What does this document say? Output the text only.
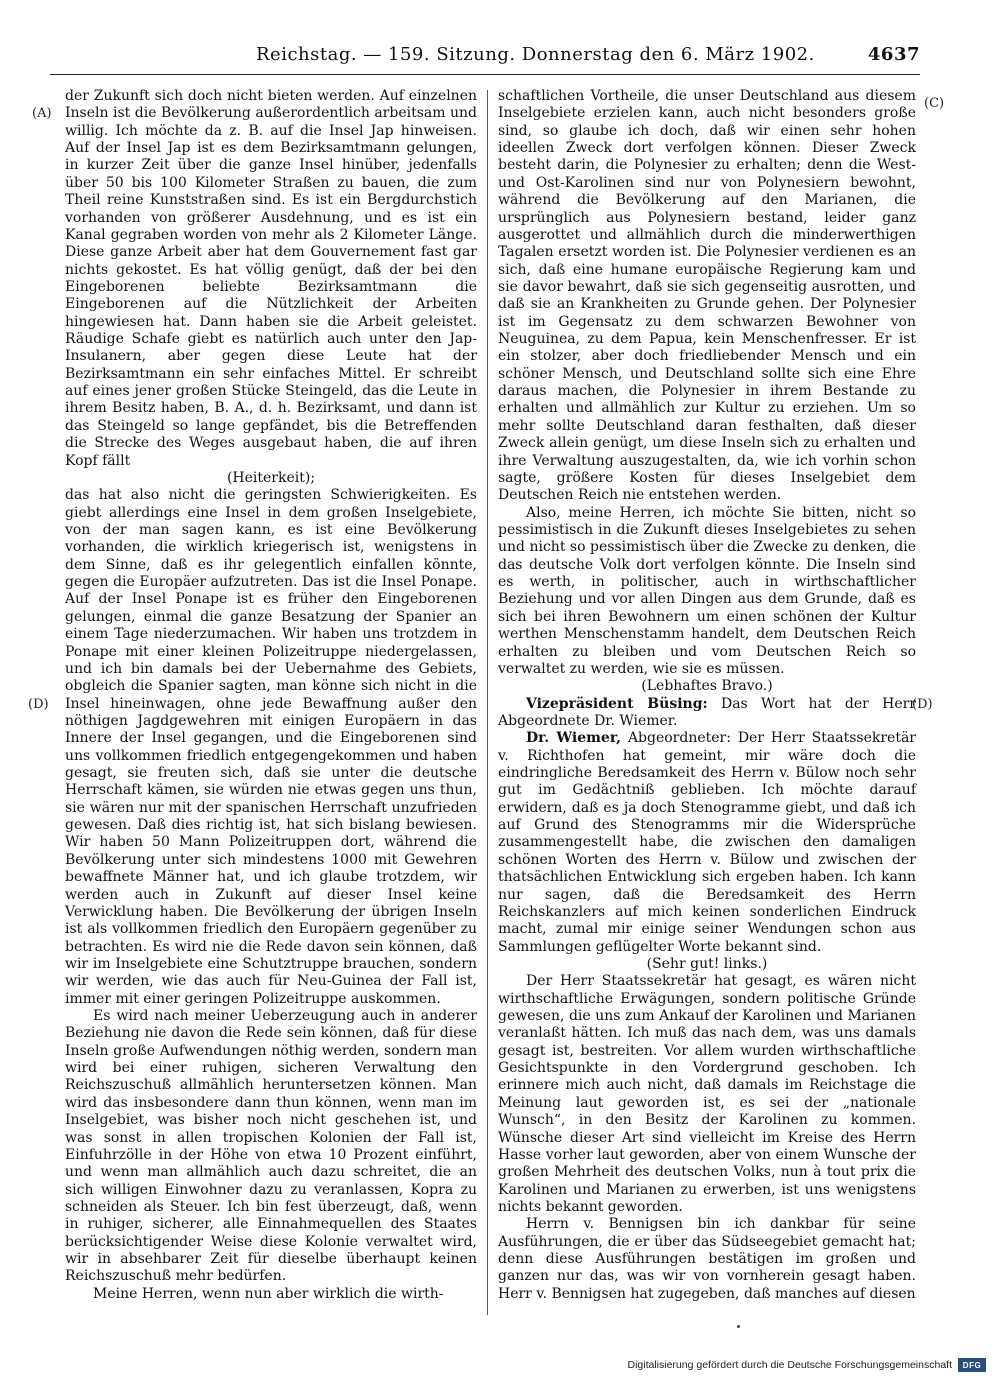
Reichstag. — 159. Sitzung. Donnerstag den 6. März 1902.	4637
(A)
(C)
(D)	(D)

der Zukunft sich doch nicht bieten werden. Auf einzelnen Inseln ist die Bevölkerung außerordentlich arbeitsam und willig. Ich möchte da z. B. auf die Insel Jap hinweisen. Auf der Insel Jap ist es dem Bezirksamtmann gelungen, in kurzer Zeit über die ganze Insel hinüber, jedenfalls über 50 bis 100 Kilometer Straßen zu bauen, die zum Theil reine Kunststraßen sind. Es ist ein Bergdurchstich vorhanden von größerer Ausdehnung, und es ist ein Kanal gegraben worden von mehr als 2 Kilometer Länge. Diese ganze Arbeit aber hat dem Gouvernement fast gar nichts gekostet. Es hat völlig genügt, daß der bei den Eingeborenen beliebte Bezirksamtmann die Eingeborenen auf die Nützlichkeit der Arbeiten hingewiesen hat. Dann haben sie die Arbeit geleistet. Räudige Schafe giebt es natürlich auch unter den Jap-Insulanern, aber gegen diese Leute hat der Bezirksamtmann ein sehr einfaches Mittel. Er schreibt auf eines jener großen Stücke Steingeld, das die Leute in ihrem Besitz haben, B. A., d. h. Bezirksamt, und dann ist das Steingeld so lange gepfändet, bis die Betreffenden die Strecke des Weges ausgebaut haben, die auf ihren Kopf fällt

(Heiterkeit);

das hat also nicht die geringsten Schwierigkeiten. Es giebt allerdings eine Insel in dem großen Inselgebiete, von der man sagen kann, es ist eine Bevölkerung vorhanden, die wirklich kriegerisch ist, wenigstens in dem Sinne, daß es ihr gelegentlich einfallen könnte, gegen die Europäer aufzutreten. Das ist die Insel Ponape. Auf der Insel Ponape ist es früher den Eingeborenen gelungen, einmal die ganze Besatzung der Spanier an einem Tage niederzumachen. Wir haben uns trotzdem in Ponape mit einer kleinen Polizeitruppe niedergelassen, und ich bin damals bei der Uebernahme des Gebiets, obgleich die Spanier sagten, man könne sich nicht in die Insel hineinwagen, ohne jede Bewaffnung außer den nöthigen Jagdgewehren mit einigen Europäern in das Innere der Insel gegangen, und die Eingeborenen sind uns vollkommen friedlich entgegengekommen und haben gesagt, sie freuten sich, daß sie unter die deutsche Herrschaft kämen, sie würden nie etwas gegen uns thun, sie wären nur mit der spanischen Herrschaft unzufrieden gewesen. Daß dies richtig ist, hat sich bislang bewiesen. Wir haben 50 Mann Polizeitruppen dort, während die Bevölkerung unter sich mindestens 1000 mit Gewehren bewaffnete Männer hat, und ich glaube trotzdem, wir werden auch in Zukunft auf dieser Insel keine Verwicklung haben. Die Bevölkerung der übrigen Inseln ist als vollkommen friedlich den Europäern gegenüber zu betrachten. Es wird nie die Rede davon sein können, daß wir im Inselgebiete eine Schutztruppe brauchen, sondern wir werden, wie das auch für Neu-Guinea der Fall ist, immer mit einer geringen Polizeitruppe auskommen.

Es wird nach meiner Ueberzeugung auch in anderer Beziehung nie davon die Rede sein können, daß für diese Inseln große Aufwendungen nöthig werden, sondern man wird bei einer ruhigen, sicheren Verwaltung den Reichszuschuß allmählich heruntersetzen können. Man wird das insbesondere dann thun können, wenn man im Inselgebiet, was bisher noch nicht geschehen ist, und was sonst in allen tropischen Kolonien der Fall ist, Einfuhrzölle in der Höhe von etwa 10 Prozent einführt, und wenn man allmählich auch dazu schreitet, die an sich willigen Einwohner dazu zu veranlassen, Kopra zu schneiden als Steuer. Ich bin fest überzeugt, daß, wenn in ruhiger, sicherer, alle Einnahmequellen des Staates berücksichtigender Weise diese Kolonie verwaltet wird, wir in absehbarer Zeit für dieselbe überhaupt keinen Reichszuschuß mehr bedürfen.

Meine Herren, wenn nun aber wirklich die wirth-

schaftlichen Vortheile, die unser Deutschland aus diesem Inselgebiete erzielen kann, auch nicht besonders große sind, so glaube ich doch, daß wir einen sehr hohen ideellen Zweck dort verfolgen können. Dieser Zweck besteht darin, die Polynesier zu erhalten; denn die West- und Ost-Karolinen sind nur von Polynesiern bewohnt, während die Bevölkerung auf den Marianen, die ursprünglich aus Polynesiern bestand, leider ganz ausgerottet und allmählich durch die minderwerthigen Tagalen ersetzt worden ist. Die Polynesier verdienen es an sich, daß eine humane europäische Regierung kam und sie davor bewahrt, daß sie sich gegenseitig ausrotten, und daß sie an Krankheiten zu Grunde gehen. Der Polynesier ist im Gegensatz zu dem schwarzen Bewohner von Neuguinea, zu dem Papua, kein Menschenfresser. Er ist ein stolzer, aber doch friedliebender Mensch und ein schöner Mensch, und Deutschland sollte sich eine Ehre daraus machen, die Polynesier in ihrem Bestande zu erhalten und allmählich zur Kultur zu erziehen. Um so mehr sollte Deutschland daran festhalten, daß dieser Zweck allein genügt, um diese Inseln sich zu erhalten und ihre Verwaltung auszugestalten, da, wie ich vorhin schon sagte, größere Kosten für dieses Inselgebiet dem Deutschen Reich nie entstehen werden.

Also, meine Herren, ich möchte Sie bitten, nicht so pessimistisch in die Zukunft dieses Inselgebietes zu sehen und nicht so pessimistisch über die Zwecke zu denken, die das deutsche Volk dort verfolgen könnte. Die Inseln sind es werth, in politischer, auch in wirthschaftlicher Beziehung und vor allen Dingen aus dem Grunde, daß es sich bei ihren Bewohnern um einen schönen der Kultur werthen Menschenstamm handelt, dem Deutschen Reich erhalten zu bleiben und vom Deutschen Reich so verwaltet zu werden, wie sie es müssen.

(Lebhaftes Bravo.)

Vizepräsident Büsing: Das Wort hat der Herr Abgeordnete Dr. Wiemer.

Dr. Wiemer, Abgeordneter: Der Herr Staatssekretär v. Richthofen hat gemeint, mir wäre doch die eindringliche Beredsamkeit des Herrn v. Bülow noch sehr gut im Gedächtniß geblieben. Ich möchte darauf erwidern, daß es ja doch Stenogramme giebt, und daß ich auf Grund des Stenogramms mir die Widersprüche zusammengestellt habe, die zwischen den damaligen schönen Worten des Herrn v. Bülow und zwischen der thatsächlichen Entwicklung sich ergeben haben. Ich kann nur sagen, daß die Beredsamkeit des Herrn Reichskanzlers auf mich keinen sonderlichen Eindruck macht, zumal mir einige seiner Wendungen schon aus Sammlungen geflügelter Worte bekannt sind.

(Sehr gut! links.)

Der Herr Staatssekretär hat gesagt, es wären nicht wirthschaftliche Erwägungen, sondern politische Gründe gewesen, die uns zum Ankauf der Karolinen und Marianen veranlaßt hätten. Ich muß das nach dem, was uns damals gesagt ist, bestreiten. Vor allem wurden wirthschaftliche Gesichtspunkte in den Vordergrund geschoben. Ich erinnere mich auch nicht, daß damals im Reichstage die Meinung laut geworden ist, es sei der „nationale Wunsch“, in den Besitz der Karolinen zu kommen. Wünsche dieser Art sind vielleicht im Kreise des Herrn Hasse vorher laut geworden, aber von einem Wunsche der großen Mehrheit des deutschen Volks, nun à tout prix die Karolinen und Marianen zu erwerben, ist uns wenigstens nichts bekannt geworden.

Herrn v. Bennigsen bin ich dankbar für seine Ausführungen, die er über das Südseegebiet gemacht hat; denn diese Ausführungen bestätigen im großen und ganzen nur das, was wir von vornherein gesagt haben. Herr v. Bennigsen hat zugegeben, daß manches auf diesen

Digitalisierung gefördert durch die Deutsche Forschungsgemeinschaft	DFG
